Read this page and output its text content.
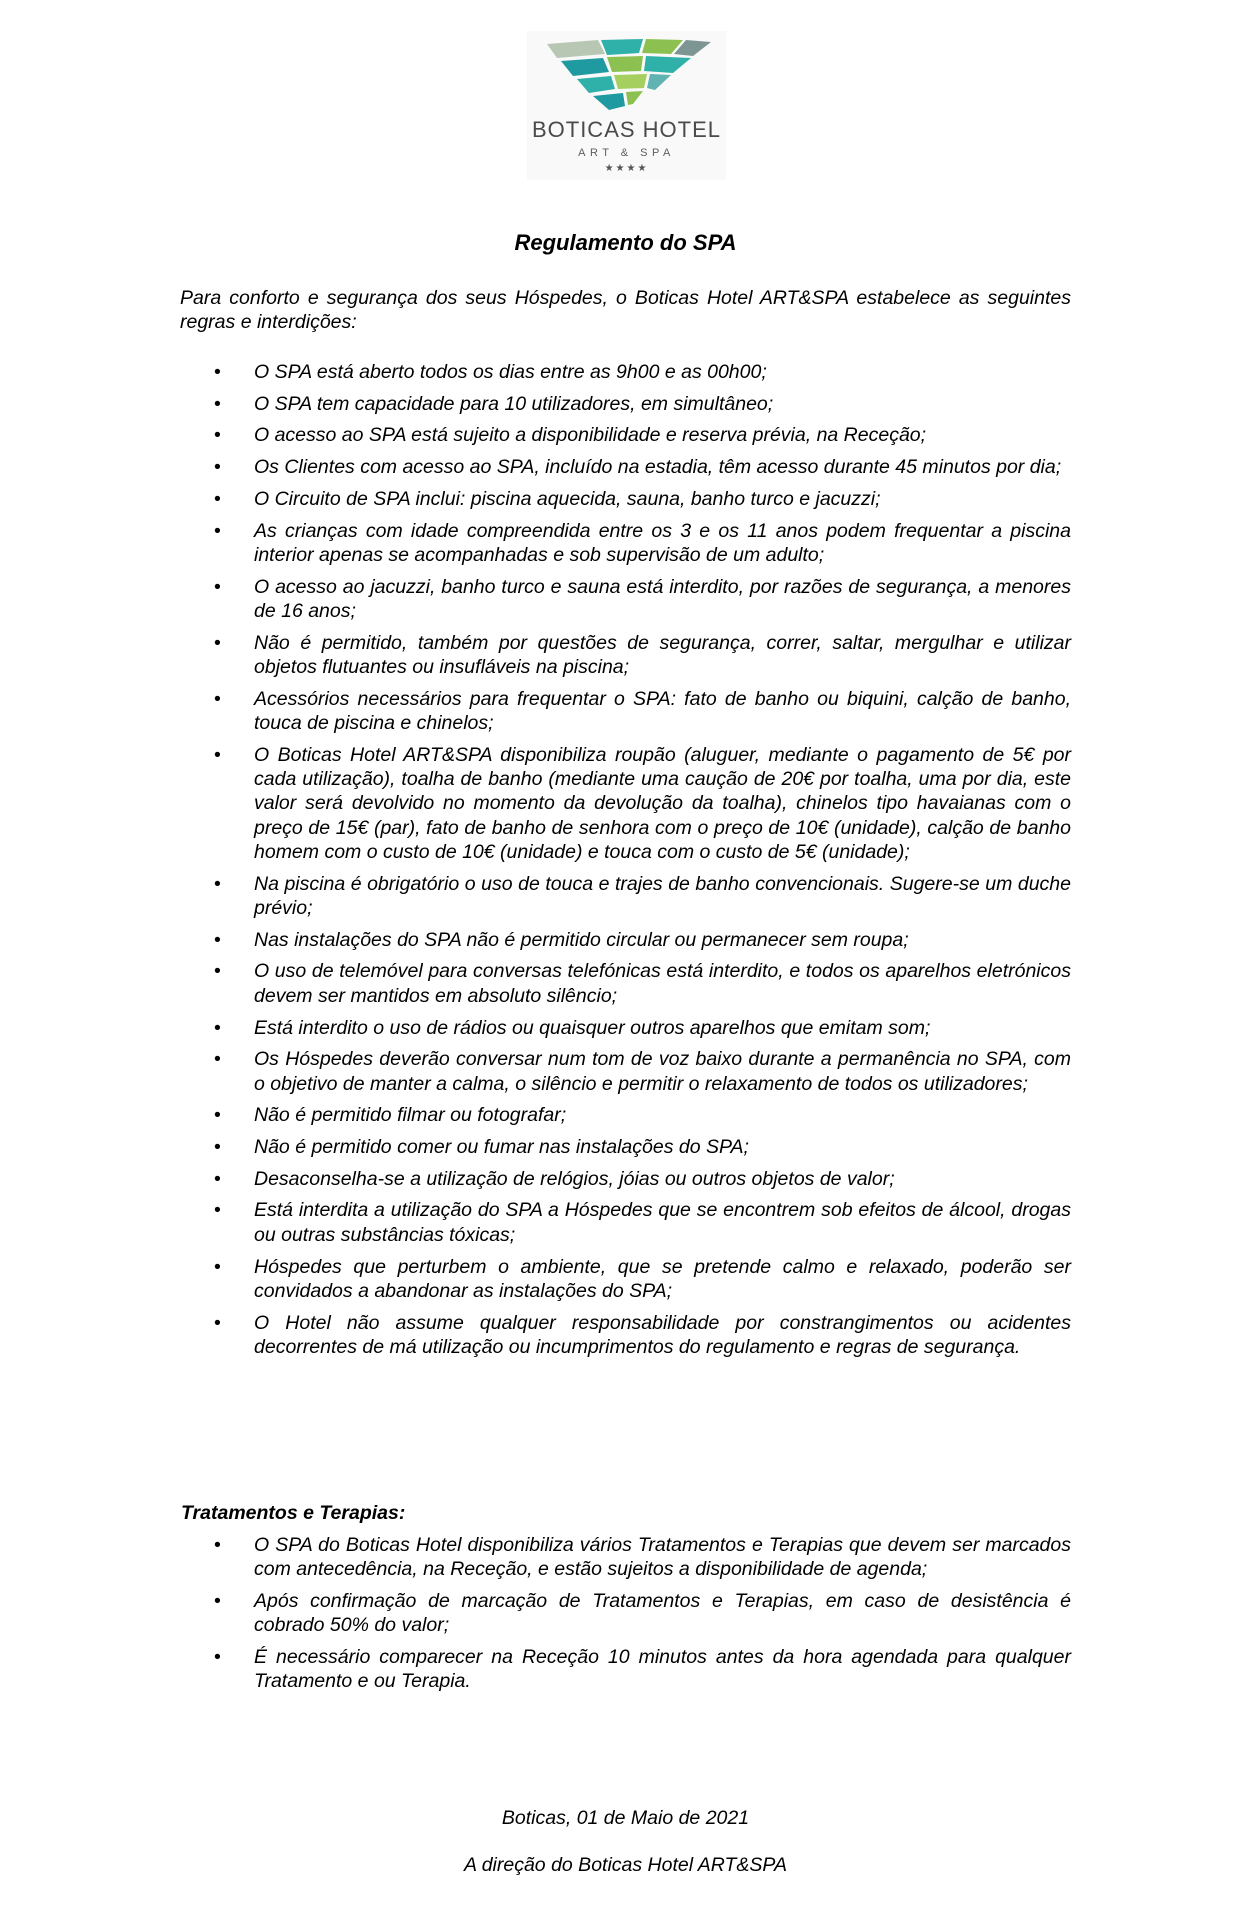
BOTICAS HOTEL
ART & SPA
★★★★
Regulamento do SPA

Para conforto e segurança dos seus Hóspedes, o Boticas Hotel ART&SPA estabelece as seguintes regras e interdições:

• O SPA está aberto todos os dias entre as 9h00 e as 00h00;
• O SPA tem capacidade para 10 utilizadores, em simultâneo;
• O acesso ao SPA está sujeito a disponibilidade e reserva prévia, na Receção;
• Os Clientes com acesso ao SPA, incluído na estadia, têm acesso durante 45 minutos por dia;
• O Circuito de SPA inclui: piscina aquecida, sauna, banho turco e jacuzzi;
• As crianças com idade compreendida entre os 3 e os 11 anos podem frequentar a piscina interior apenas se acompanhadas e sob supervisão de um adulto;
• O acesso ao jacuzzi, banho turco e sauna está interdito, por razões de segurança, a menores de 16 anos;
• Não é permitido, também por questões de segurança, correr, saltar, mergulhar e utilizar objetos flutuantes ou insufláveis na piscina;
• Acessórios necessários para frequentar o SPA: fato de banho ou biquini, calção de banho, touca de piscina e chinelos;
• O Boticas Hotel ART&SPA disponibiliza roupão (aluguer, mediante o pagamento de 5€ por cada utilização), toalha de banho (mediante uma caução de 20€ por toalha, uma por dia, este valor será devolvido no momento da devolução da toalha), chinelos tipo havaianas com o preço de 15€ (par), fato de banho de senhora com o preço de 10€ (unidade), calção de banho homem com o custo de 10€ (unidade) e touca com o custo de 5€ (unidade);
• Na piscina é obrigatório o uso de touca e trajes de banho convencionais. Sugere-se um duche prévio;
• Nas instalações do SPA não é permitido circular ou permanecer sem roupa;
• O uso de telemóvel para conversas telefónicas está interdito, e todos os aparelhos eletrónicos devem ser mantidos em absoluto silêncio;
• Está interdito o uso de rádios ou quaisquer outros aparelhos que emitam som;
• Os Hóspedes deverão conversar num tom de voz baixo durante a permanência no SPA, com o objetivo de manter a calma, o silêncio e permitir o relaxamento de todos os utilizadores;
• Não é permitido filmar ou fotografar;
• Não é permitido comer ou fumar nas instalações do SPA;
• Desaconselha-se a utilização de relógios, jóias ou outros objetos de valor;
• Está interdita a utilização do SPA a Hóspedes que se encontrem sob efeitos de álcool, drogas ou outras substâncias tóxicas;
• Hóspedes que perturbem o ambiente, que se pretende calmo e relaxado, poderão ser convidados a abandonar as instalações do SPA;
• O Hotel não assume qualquer responsabilidade por constrangimentos ou acidentes decorrentes de má utilização ou incumprimentos do regulamento e regras de segurança.
Tratamentos e Terapias:
• O SPA do Boticas Hotel disponibiliza vários Tratamentos e Terapias que devem ser marcados com antecedência, na Receção, e estão sujeitos a disponibilidade de agenda;
• Após confirmação de marcação de Tratamentos e Terapias, em caso de desistência é cobrado 50% do valor;
• É necessário comparecer na Receção 10 minutos antes da hora agendada para qualquer Tratamento e ou Terapia.

Boticas, 01 de Maio de 2021

A direção do Boticas Hotel ART&SPA
